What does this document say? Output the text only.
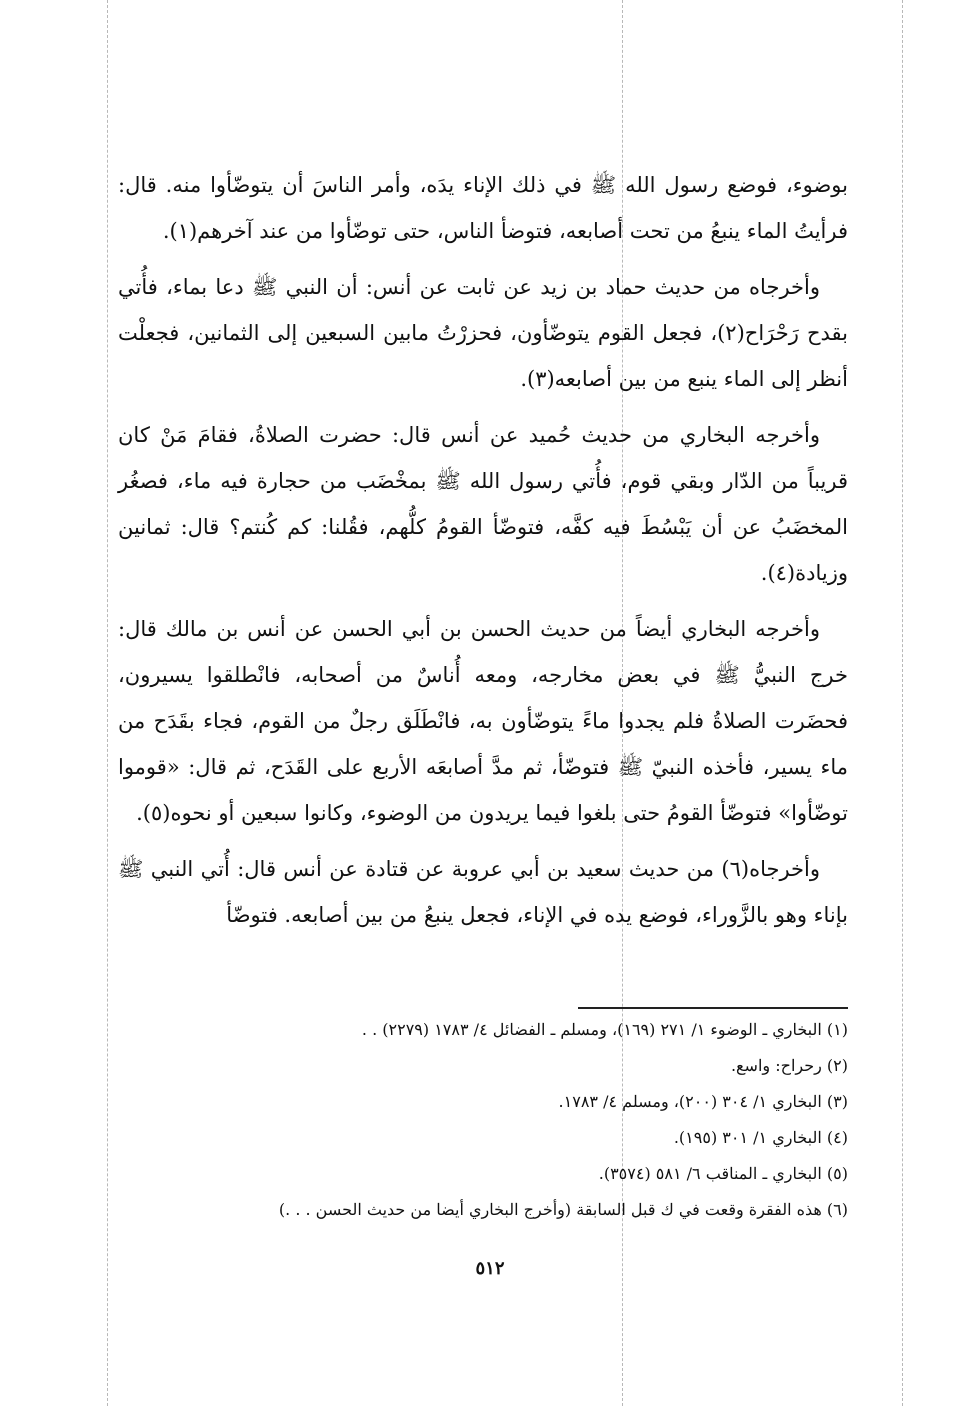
بوضوء، فوضع رسول الله ﷺ في ذلك الإناء يدَه، وأمر الناسَ أن يتوضّأوا منه. قال: فرأيتُ الماء ينبعُ من تحت أصابعه، فتوضأ الناس، حتى توضّأوا من عند آخرهم(١).

وأخرجاه من حديث حماد بن زيد عن ثابت عن أنس: أن النبي ﷺ دعا بماء، فأُتي بقدح رَحْرَاح(٢)، فجعل القوم يتوضّأون، فحزرْتُ مابين السبعين إلى الثمانين، فجعلْت أنظر إلى الماء ينبع من بين أصابعه(٣).

وأخرجه البخاري من حديث حُميد عن أنس قال: حضرت الصلاةُ، فقامَ مَنْ كان قريباً من الدّار وبقي قوم، فأُتي رسول الله ﷺ بمخْضَب من حجارة فيه ماء، فصغُر المخضَبُ عن أن يَبْسُطَ فيه كفَّه، فتوضّأ القومُ كلُّهم، فقُلنا: كم كُنتم؟ قال: ثمانين وزيادة(٤).

وأخرجه البخاري أيضاً من حديث الحسن بن أبي الحسن عن أنس بن مالك قال: خرج النبيُّ ﷺ في بعض مخارجه، ومعه أُناسٌ من أصحابه، فانْطلقوا يسيرون، فحضَرت الصلاةُ فلم يجدوا ماءً يتوضّأون به، فانْطَلَق رجلٌ من القوم، فجاء بقَدَح من ماء يسير، فأخذه النبيّ ﷺ فتوضّأ، ثم مدَّ أصابعَه الأربع على القَدَح، ثم قال: «قوموا توضّأوا» فتوضّأ القومُ حتى بلغوا فيما يريدون من الوضوء، وكانوا سبعين أو نحوه(٥).

وأخرجاه(٦) من حديث سعيد بن أبي عروبة عن قتادة عن أنس قال: أُتي النبي ﷺ بإناء وهو بالزَّوراء، فوضع يده في الإناء، فجعل ينبعُ من بين أصابعه. فتوضّأ

(١) البخاري ـ الوضوء ١/ ٢٧١ (١٦٩)، ومسلم ـ الفضائل ٤/ ١٧٨٣ (٢٢٧٩) . .
(٢) رحراح: واسع.
(٣) البخاري ١/ ٣٠٤ (٢٠٠)، ومسلم ٤/ ١٧٨٣.
(٤) البخاري ١/ ٣٠١ (١٩٥).
(٥) البخاري ـ المناقب ٦/ ٥٨١ (٣٥٧٤).
(٦) هذه الفقرة وقعت في ك قبل السابقة (وأخرج البخاري أيضا من حديث الحسن . . .)
٥١٢
